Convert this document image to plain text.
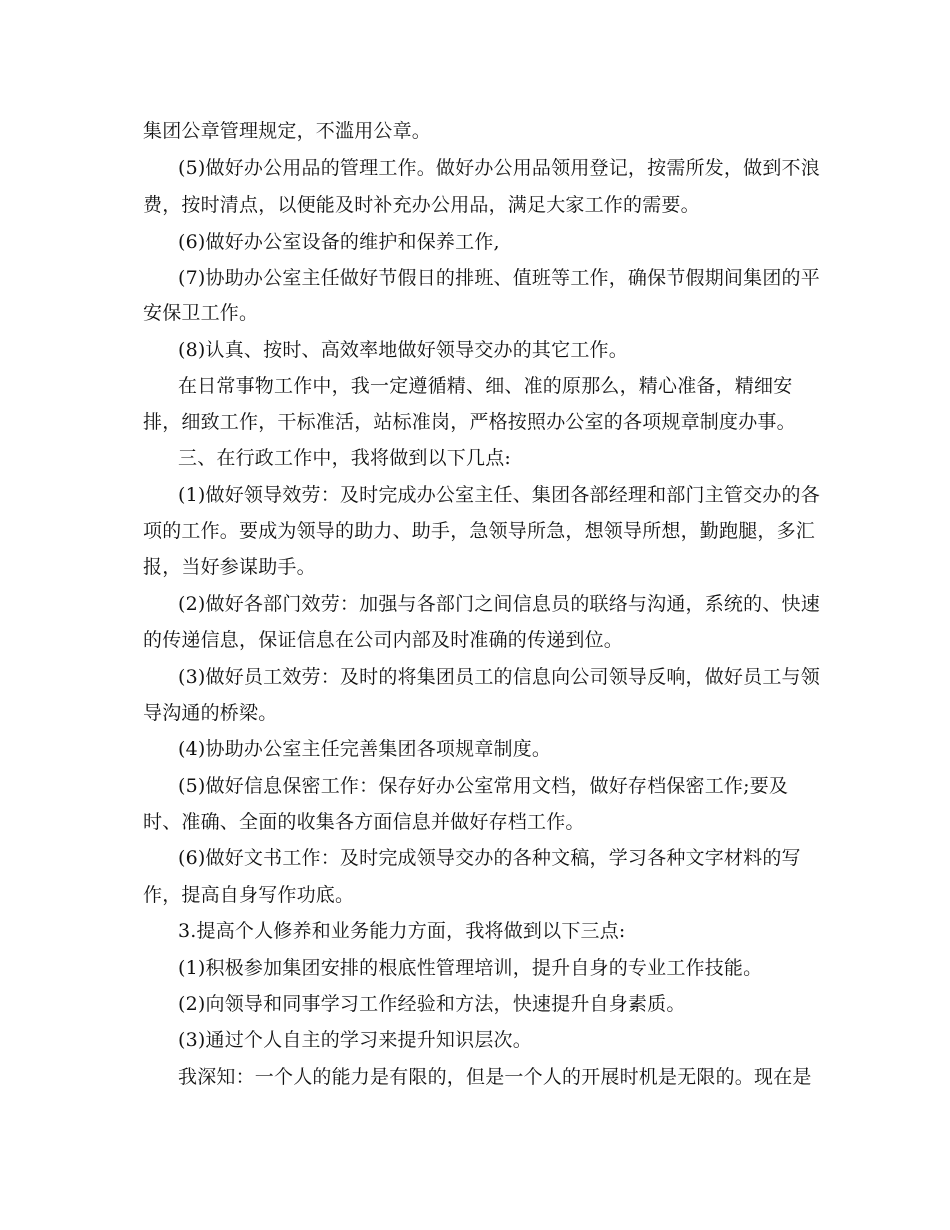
集团公章管理规定，不滥用公章。
(5)做好办公用品的管理工作。做好办公用品领用登记，按需所发，做到不浪
费，按时清点，以便能及时补充办公用品，满足大家工作的需要。
(6)做好办公室设备的维护和保养工作,
(7)协助办公室主任做好节假日的排班、值班等工作，确保节假期间集团的平
安保卫工作。
(8)认真、按时、高效率地做好领导交办的其它工作。
在日常事物工作中，我一定遵循精、细、准的原那么，精心准备，精细安
排，细致工作，干标准活，站标准岗，严格按照办公室的各项规章制度办事。
三、在行政工作中，我将做到以下几点:
(1)做好领导效劳：及时完成办公室主任、集团各部经理和部门主管交办的各
项的工作。要成为领导的助力、助手，急领导所急，想领导所想，勤跑腿，多汇
报，当好参谋助手。
(2)做好各部门效劳：加强与各部门之间信息员的联络与沟通，系统的、快速
的传递信息，保证信息在公司内部及时准确的传递到位。
(3)做好员工效劳：及时的将集团员工的信息向公司领导反响，做好员工与领
导沟通的桥梁。
(4)协助办公室主任完善集团各项规章制度。
(5)做好信息保密工作：保存好办公室常用文档，做好存档保密工作;要及
时、准确、全面的收集各方面信息并做好存档工作。
(6)做好文书工作：及时完成领导交办的各种文稿，学习各种文字材料的写
作，提高自身写作功底。
3.提高个人修养和业务能力方面，我将做到以下三点:
(1)积极参加集团安排的根底性管理培训，提升自身的专业工作技能。
(2)向领导和同事学习工作经验和方法，快速提升自身素质。
(3)通过个人自主的学习来提升知识层次。
我深知：一个人的能力是有限的，但是一个人的开展时机是无限的。现在是
